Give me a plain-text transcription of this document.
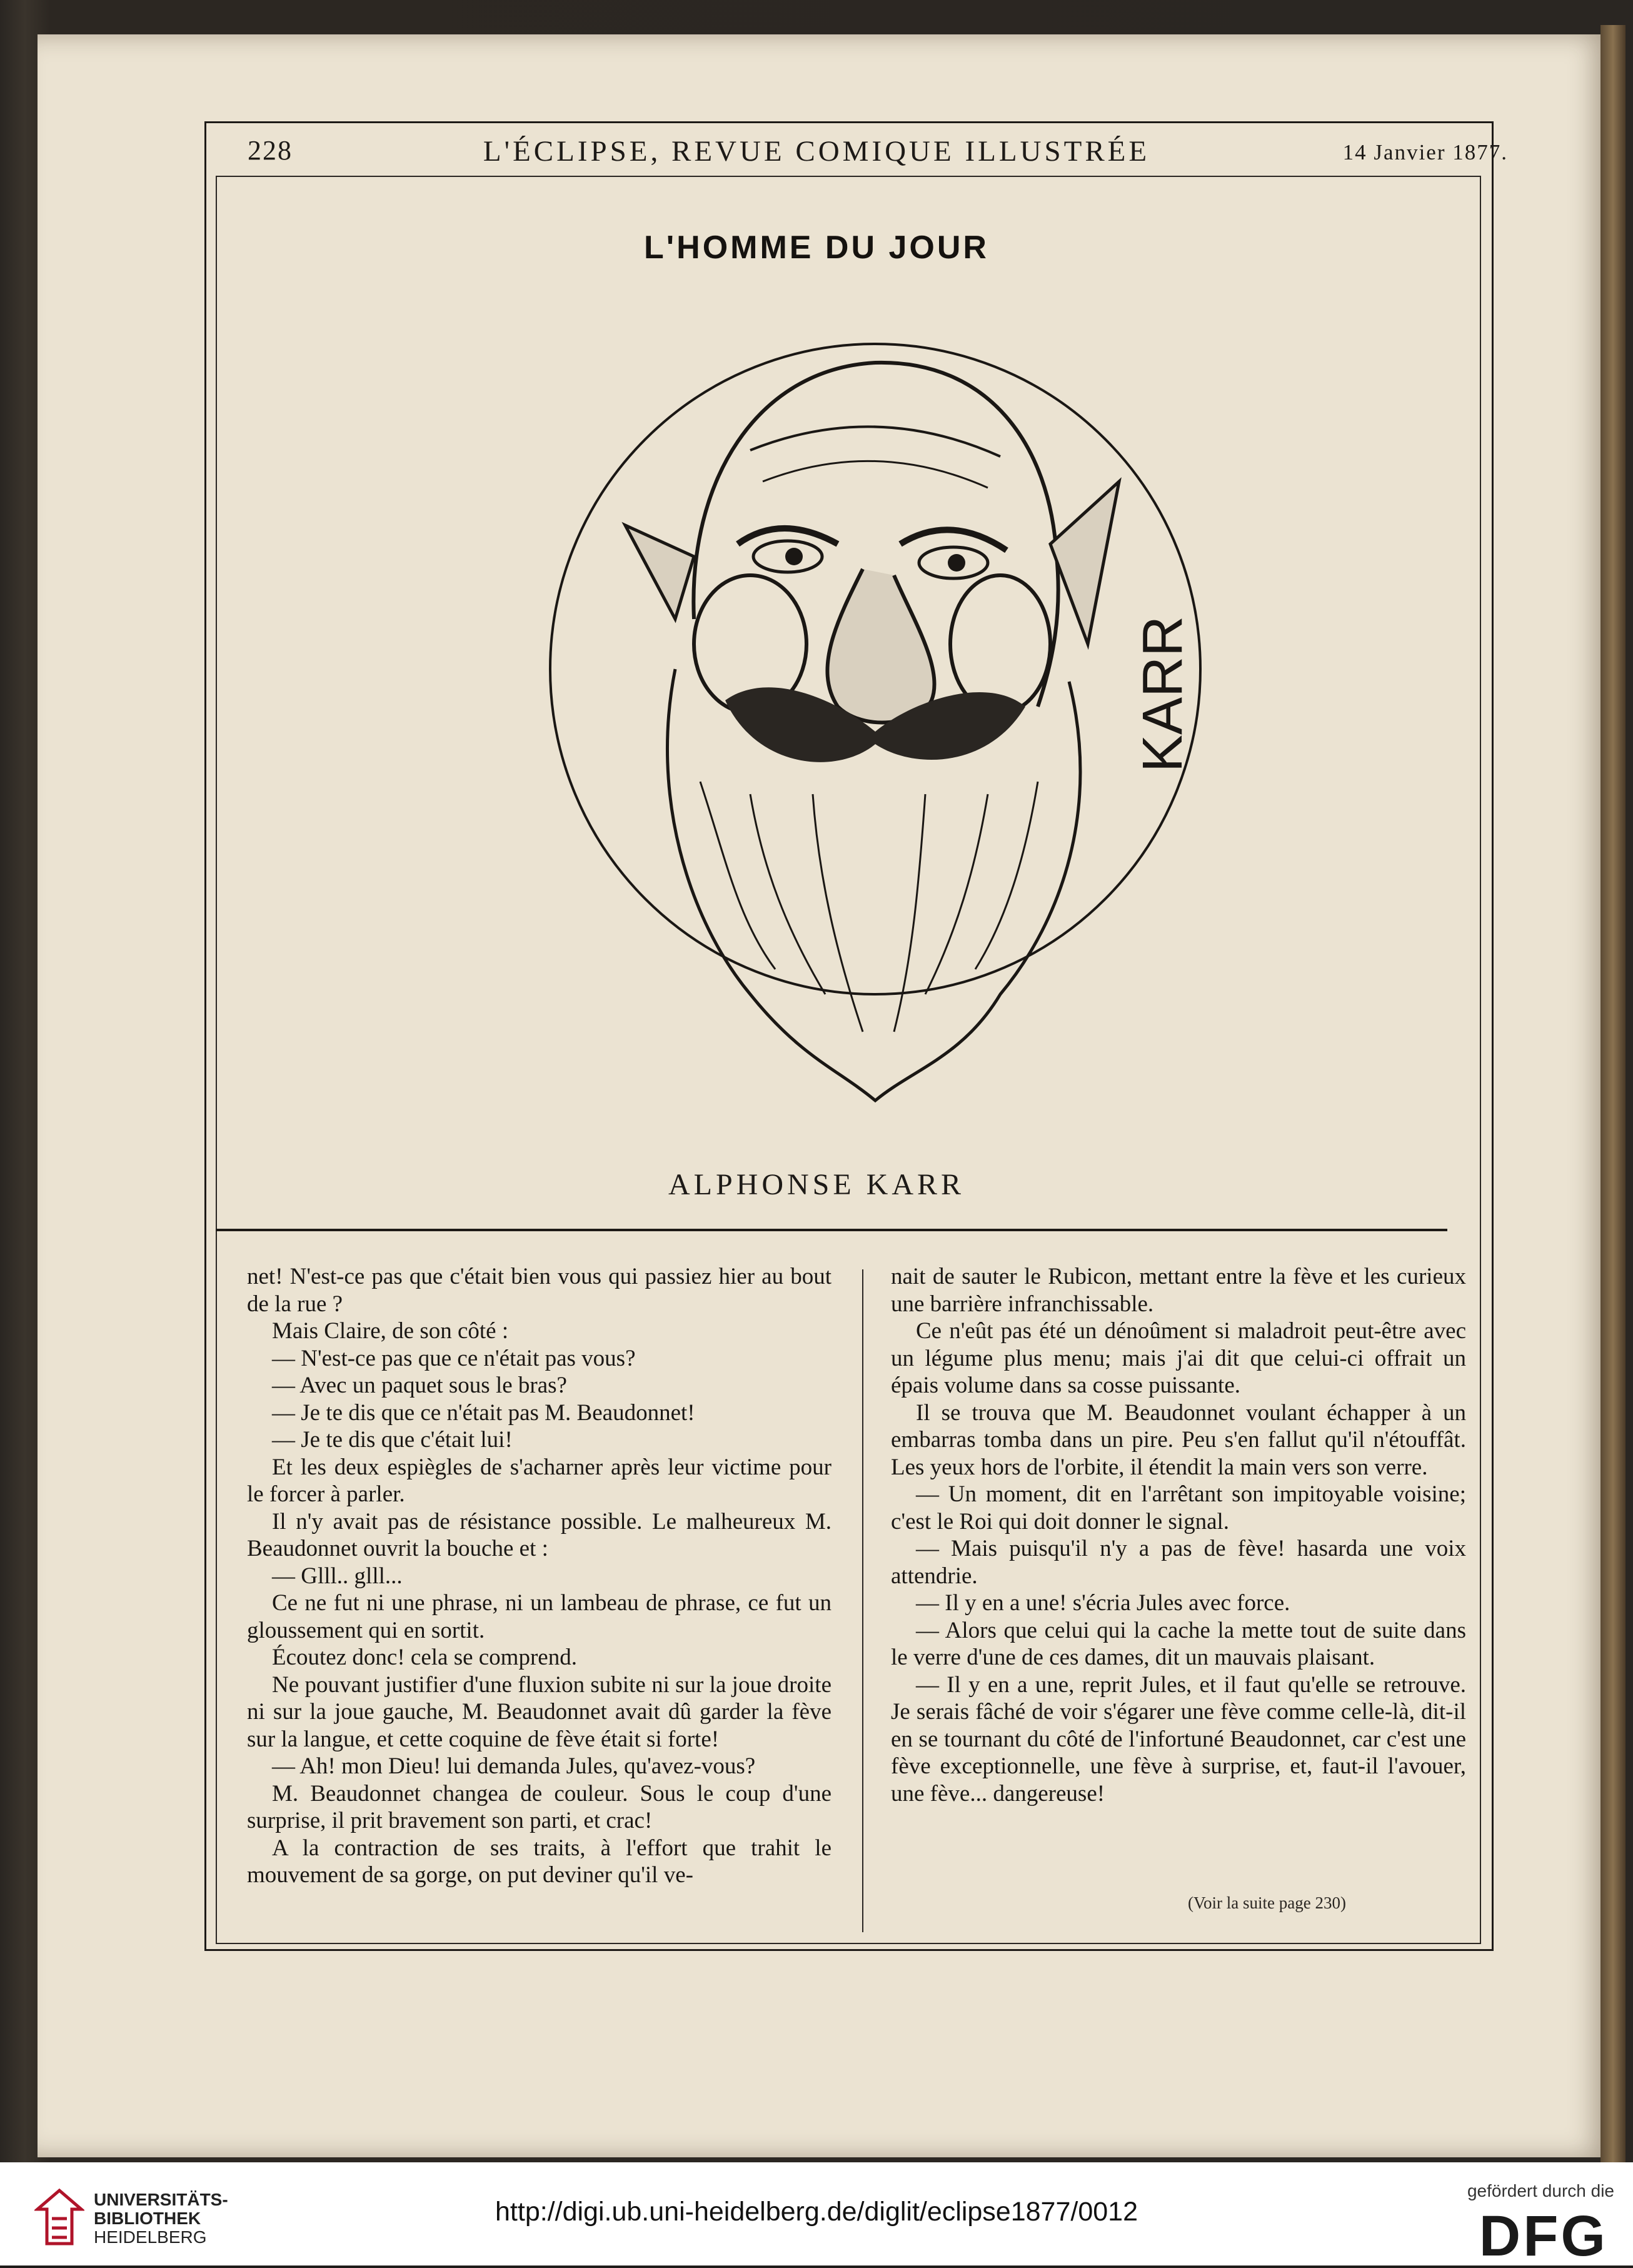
228	L'ÉCLIPSE, REVUE COMIQUE ILLUSTRÉE	14 Janvier 1877.
L'HOMME DU JOUR
KARR
ALPHONSE KARR

net! N'est-ce pas que c'était bien vous qui passiez hier au bout de la rue ?

Mais Claire, de son côté :

— N'est-ce pas que ce n'était pas vous?

— Avec un paquet sous le bras?

— Je te dis que ce n'était pas M. Beaudonnet!

— Je te dis que c'était lui!

Et les deux espiègles de s'acharner après leur victime pour le forcer à parler.

Il n'y avait pas de résistance possible. Le malheureux M. Beaudonnet ouvrit la bouche et :

— Glll.. glll...

Ce ne fut ni une phrase, ni un lambeau de phrase, ce fut un gloussement qui en sortit.

Écoutez donc! cela se comprend.

Ne pouvant justifier d'une fluxion subite ni sur la joue droite ni sur la joue gauche, M. Beaudonnet avait dû garder la fève sur la langue, et cette coquine de fève était si forte!

— Ah! mon Dieu! lui demanda Jules, qu'avez-vous?

M. Beaudonnet changea de couleur. Sous le coup d'une surprise, il prit bravement son parti, et crac!

A la contraction de ses traits, à l'effort que trahit le mouvement de sa gorge, on put deviner qu'il ve-

nait de sauter le Rubicon, mettant entre la fève et les curieux une barrière infranchissable.

Ce n'eût pas été un dénoûment si maladroit peut-être avec un légume plus menu; mais j'ai dit que celui-ci offrait un épais volume dans sa cosse puissante.

Il se trouva que M. Beaudonnet voulant échapper à un embarras tomba dans un pire. Peu s'en fallut qu'il n'étouffât. Les yeux hors de l'orbite, il étendit la main vers son verre.

— Un moment, dit en l'arrêtant son impitoyable voisine; c'est le Roi qui doit donner le signal.

— Mais puisqu'il n'y a pas de fève! hasarda une voix attendrie.

— Il y en a une! s'écria Jules avec force.

— Alors que celui qui la cache la mette tout de suite dans le verre d'une de ces dames, dit un mauvais plaisant.

— Il y en a une, reprit Jules, et il faut qu'elle se retrouve. Je serais fâché de voir s'égarer une fève comme celle-là, dit-il en se tournant du côté de l'infortuné Beaudonnet, car c'est une fève exceptionnelle, une fève à surprise, et, faut-il l'avouer, une fève... dangereuse!

(Voir la suite page 230)
UNIVERSITÄTS-
BIBLIOTHEK
HEIDELBERG
http://digi.ub.uni-heidelberg.de/diglit/eclipse1877/0012
gefördert durch die
DFG
